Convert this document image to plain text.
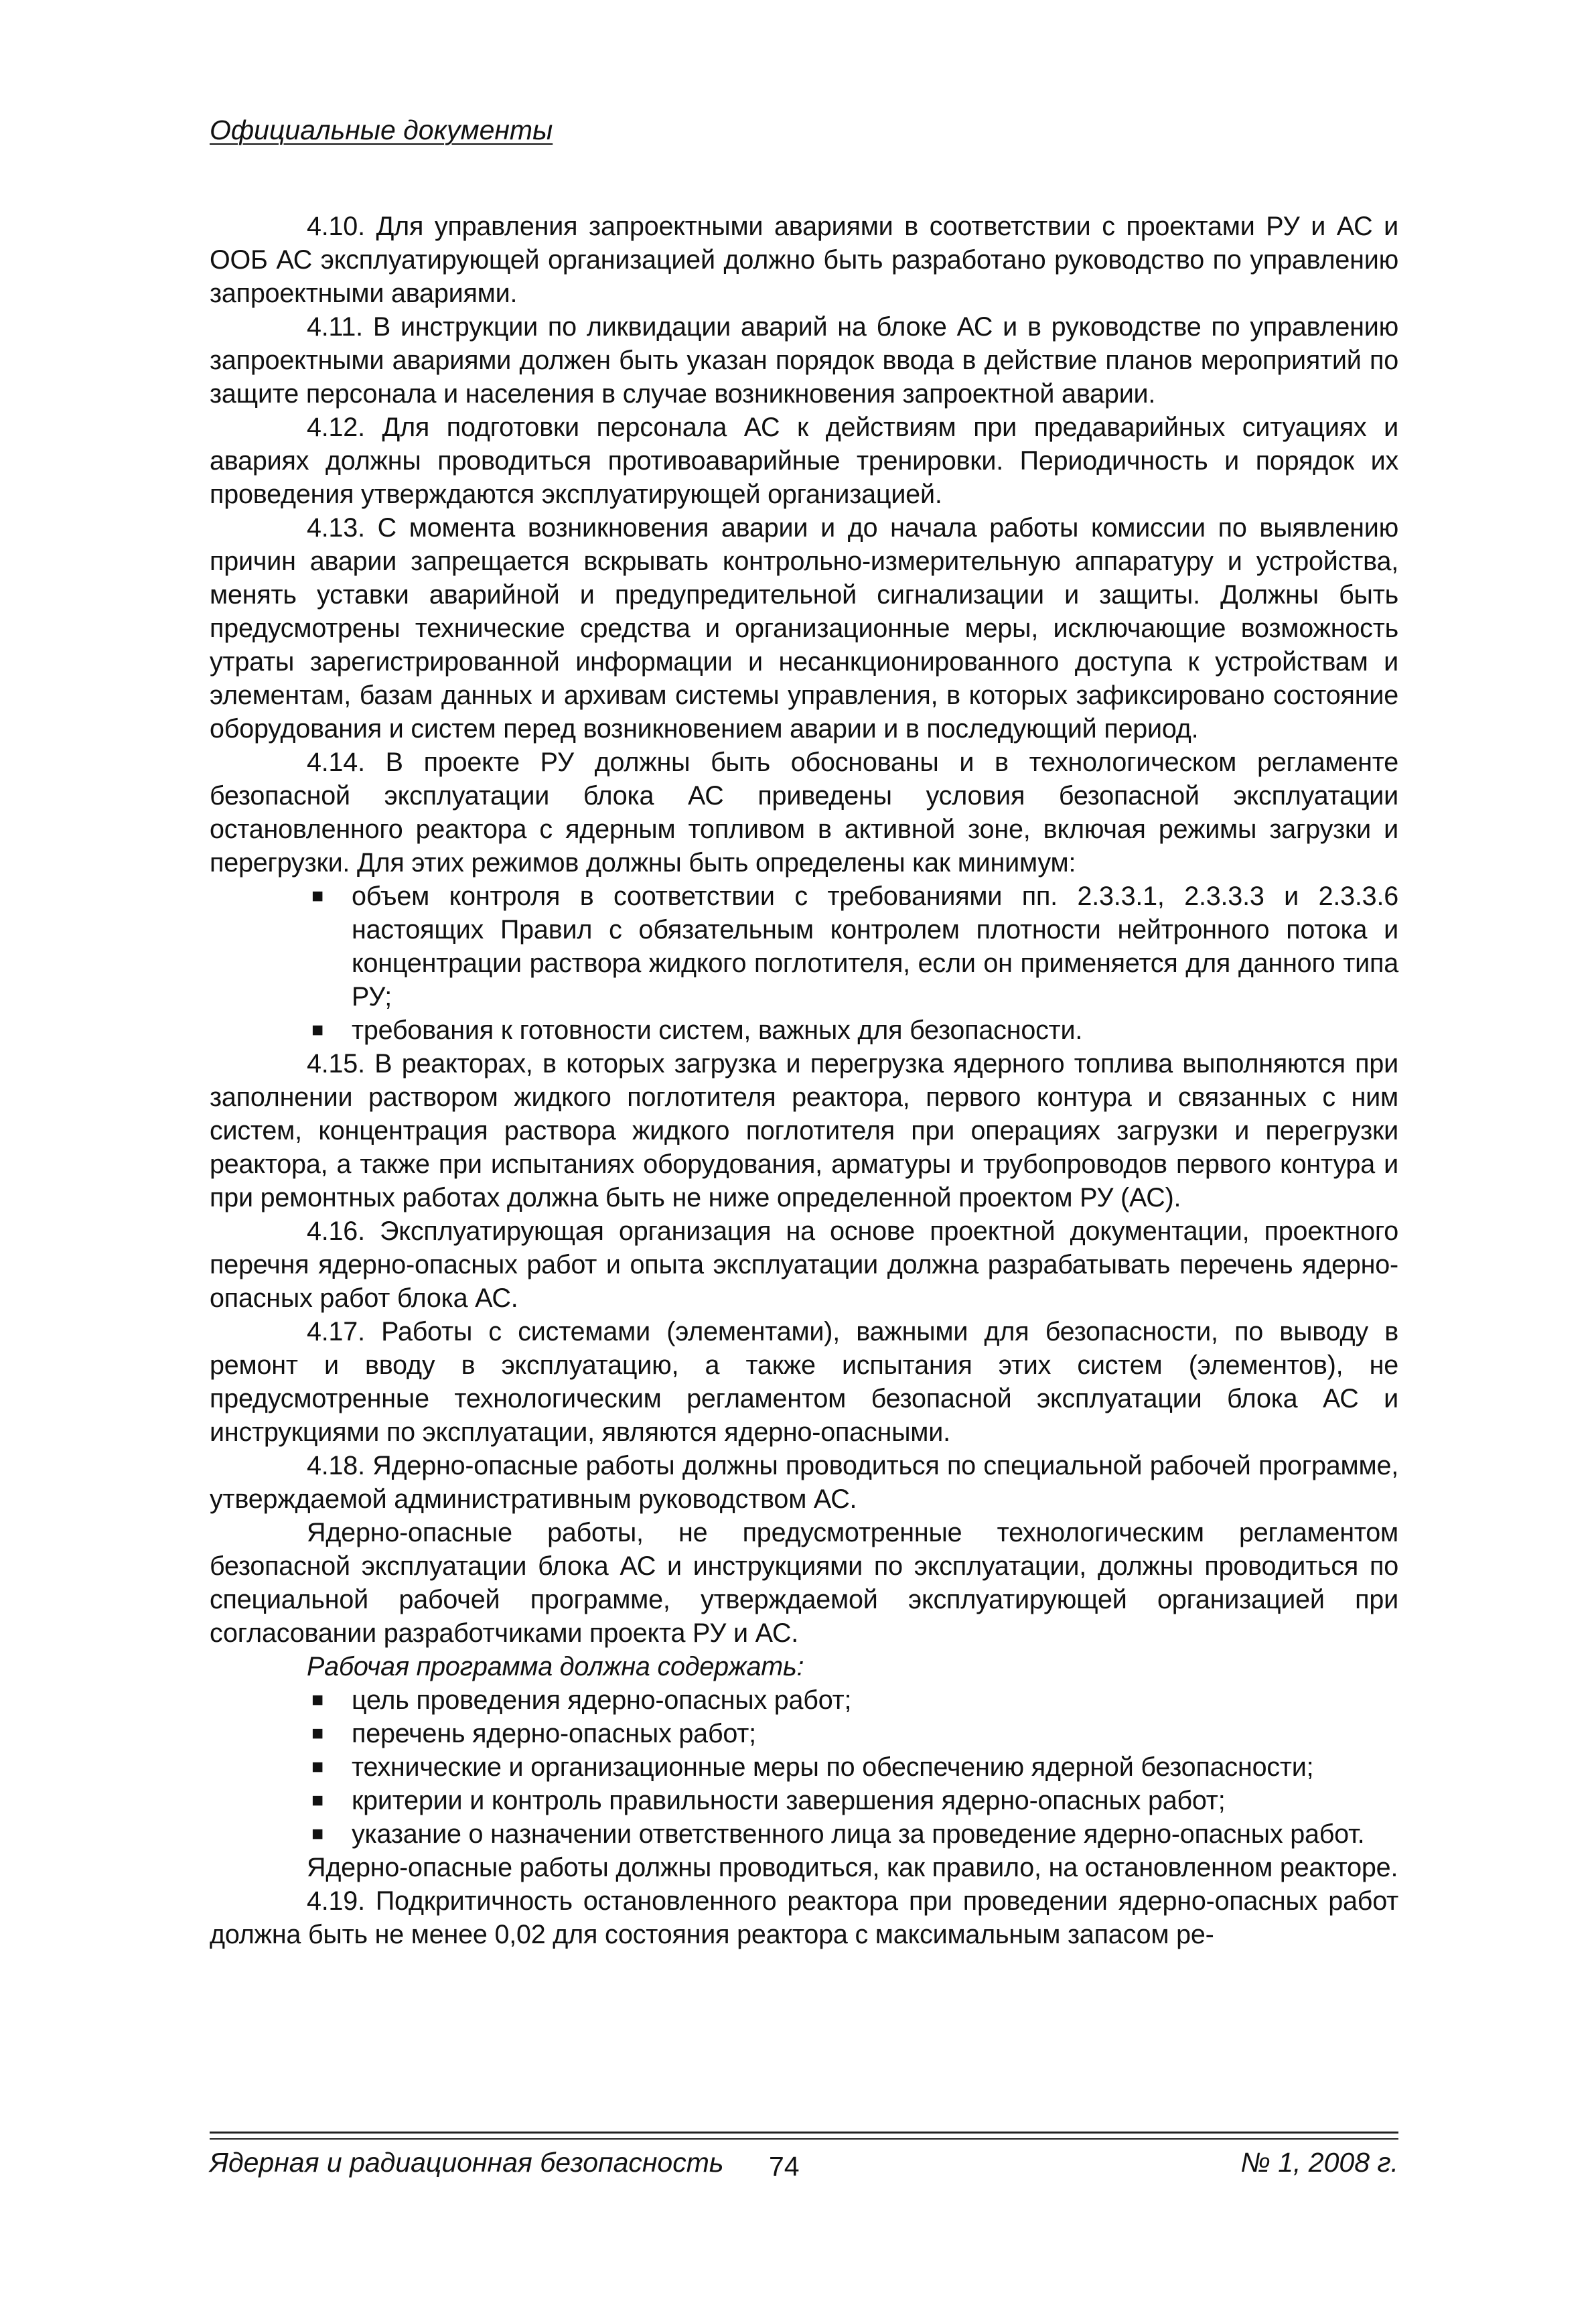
Официальные документы

4.10. Для управления запроектными авариями в соответствии с проектами РУ и АС и ООБ АС эксплуатирующей организацией должно быть разработано руководство по управлению запроектными авариями.

4.11. В инструкции по ликвидации аварий на блоке АС и в руководстве по управлению запроектными авариями должен быть указан порядок ввода в действие планов мероприятий по защите персонала и населения в случае возникновения запроектной аварии.

4.12. Для подготовки персонала АС к действиям при предаварийных ситуациях и авариях должны проводиться противоаварийные тренировки. Периодичность и порядок их проведения утверждаются эксплуатирующей организацией.

4.13. С момента возникновения аварии и до начала работы комиссии по выявлению причин аварии запрещается вскрывать контрольно-измерительную аппаратуру и устройства, менять уставки аварийной и предупредительной сигнализации и защиты. Должны быть предусмотрены технические средства и организационные меры, исключающие возможность утраты зарегистрированной информации и несанкционированного доступа к устройствам и элементам, базам данных и архивам системы управления, в которых зафиксировано состояние оборудования и систем перед возникновением аварии и в последующий период.

4.14. В проекте РУ должны быть обоснованы и в технологическом регламенте безопасной эксплуатации блока АС приведены условия безопасной эксплуатации остановленного реактора с ядерным топливом в активной зоне, включая режимы загрузки и перегрузки. Для этих режимов должны быть определены как минимум:

■ объем контроля в соответствии с требованиями пп. 2.3.3.1, 2.3.3.3 и 2.3.3.6 настоящих Правил с обязательным контролем плотности нейтронного потока и концентрации раствора жидкого поглотителя, если он применяется для данного типа РУ;
■ требования к готовности систем, важных для безопасности.

4.15. В реакторах, в которых загрузка и перегрузка ядерного топлива выполняются при заполнении раствором жидкого поглотителя реактора, первого контура и связанных с ним систем, концентрация раствора жидкого поглотителя при операциях загрузки и перегрузки реактора, а также при испытаниях оборудования, арматуры и трубопроводов первого контура и при ремонтных работах должна быть не ниже определенной проектом РУ (АС).

4.16. Эксплуатирующая организация на основе проектной документации, проектного перечня ядерно-опасных работ и опыта эксплуатации должна разрабатывать перечень ядерно-опасных работ блока АС.

4.17. Работы с системами (элементами), важными для безопасности, по выводу в ремонт и вводу в эксплуатацию, а также испытания этих систем (элементов), не предусмотренные технологическим регламентом безопасной эксплуатации блока АС и инструкциями по эксплуатации, являются ядерно-опасными.

4.18. Ядерно-опасные работы должны проводиться по специальной рабочей программе, утверждаемой административным руководством АС.

Ядерно-опасные работы, не предусмотренные технологическим регламентом безопасной эксплуатации блока АС и инструкциями по эксплуатации, должны проводиться по специальной рабочей программе, утверждаемой эксплуатирующей организацией при согласовании разработчиками проекта РУ и АС.

Рабочая программа должна содержать:

■ цель проведения ядерно-опасных работ;
■ перечень ядерно-опасных работ;
■ технические и организационные меры по обеспечению ядерной безопасности;
■ критерии и контроль правильности завершения ядерно-опасных работ;
■ указание о назначении ответственного лица за проведение ядерно-опасных работ.

Ядерно-опасные работы должны проводиться, как правило, на остановленном реакторе.

4.19. Подкритичность остановленного реактора при проведении ядерно-опасных работ должна быть не менее 0,02 для состояния реактора с максимальным запасом ре-

Ядерная и радиационная безопасность 74	№ 1, 2008 г.
